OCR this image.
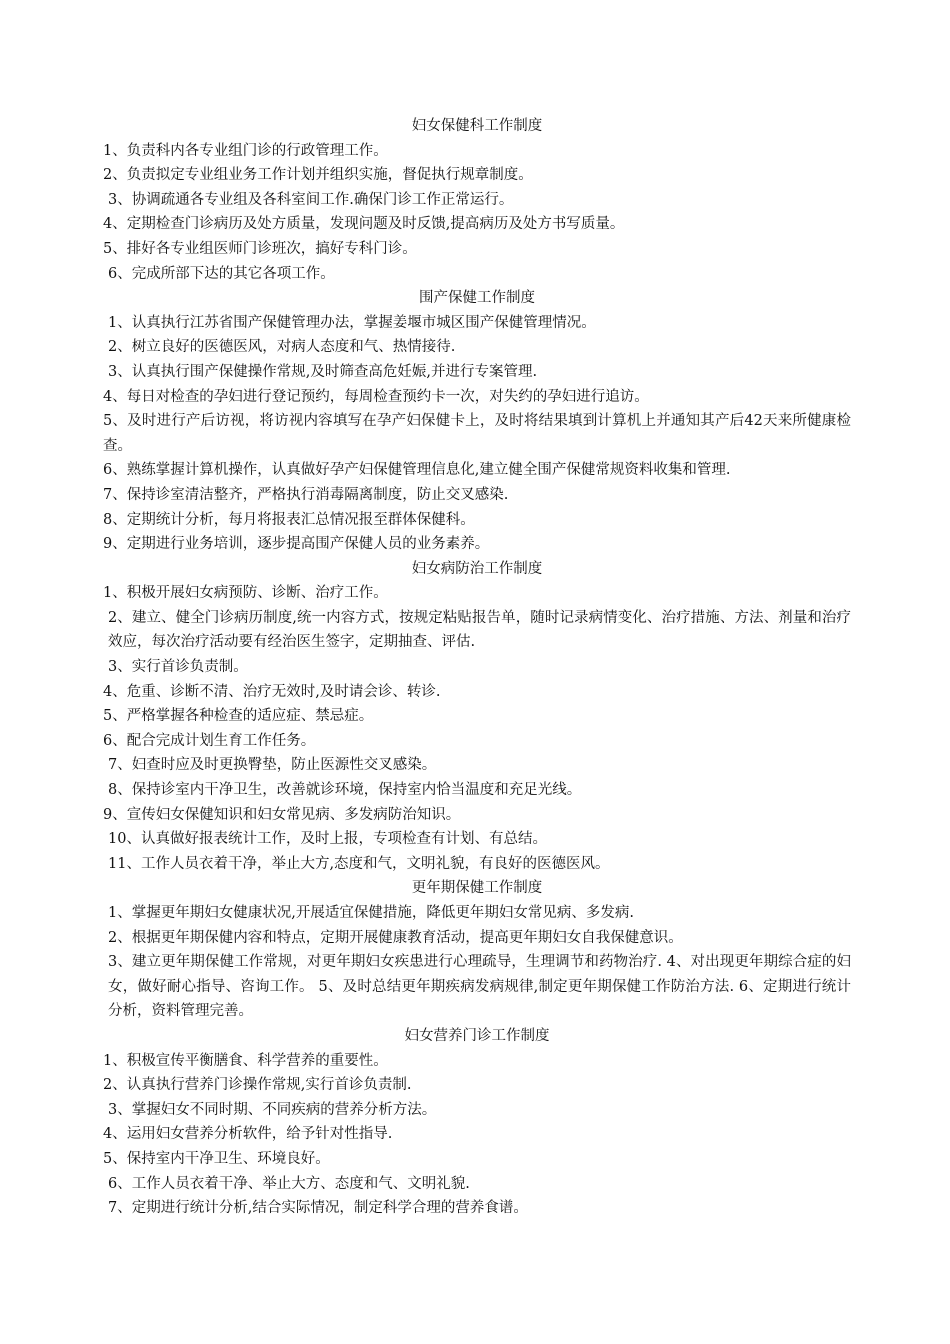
妇女保健科工作制度

1、负责科内各专业组门诊的行政管理工作。

2、负责拟定专业组业务工作计划并组织实施，督促执行规章制度。

3、协调疏通各专业组及各科室间工作.确保门诊工作正常运行。

4、定期检查门诊病历及处方质量，发现问题及时反馈,提高病历及处方书写质量。

5、排好各专业组医师门诊班次，搞好专科门诊。

6、完成所部下达的其它各项工作。

围产保健工作制度

1、认真执行江苏省围产保健管理办法，掌握姜堰市城区围产保健管理情况。

2、树立良好的医德医风，对病人态度和气、热情接待.

3、认真执行围产保健操作常规,及时筛查高危妊娠,并进行专案管理.

4、每日对检查的孕妇进行登记预约，每周检查预约卡一次，对失约的孕妇进行追访。

5、及时进行产后访视，将访视内容填写在孕产妇保健卡上，及时将结果填到计算机上并通知其产后42天来所健康检查。

6、熟练掌握计算机操作，认真做好孕产妇保健管理信息化,建立健全围产保健常规资料收集和管理.

7、保持诊室清洁整齐，严格执行消毒隔离制度，防止交叉感染.

8、定期统计分析，每月将报表汇总情况报至群体保健科。

9、定期进行业务培训，逐步提高围产保健人员的业务素养。

妇女病防治工作制度

1、积极开展妇女病预防、诊断、治疗工作。

2、建立、健全门诊病历制度,统一内容方式，按规定粘贴报告单，随时记录病情变化、治疗措施、方法、剂量和治疗效应，每次治疗活动要有经治医生签字，定期抽查、评估.

3、实行首诊负责制。

4、危重、诊断不清、治疗无效时,及时请会诊、转诊.

5、严格掌握各种检查的适应症、禁忌症。

6、配合完成计划生育工作任务。

7、妇查时应及时更换臀垫，防止医源性交叉感染。

8、保持诊室内干净卫生，改善就诊环境，保持室内恰当温度和充足光线。

9、宣传妇女保健知识和妇女常见病、多发病防治知识。

10、认真做好报表统计工作，及时上报，专项检查有计划、有总结。

11、工作人员衣着干净，举止大方,态度和气，文明礼貌，有良好的医德医风。

更年期保健工作制度

1、掌握更年期妇女健康状况,开展适宜保健措施，降低更年期妇女常见病、多发病.

2、根据更年期保健内容和特点，定期开展健康教育活动，提高更年期妇女自我保健意识。

3、建立更年期保健工作常规，对更年期妇女疾患进行心理疏导，生理调节和药物治疗. 4、对出现更年期综合症的妇女，做好耐心指导、咨询工作。 5、及时总结更年期疾病发病规律,制定更年期保健工作防治方法. 6、定期进行统计分析，资料管理完善。

妇女营养门诊工作制度

1、积极宣传平衡膳食、科学营养的重要性。

2、认真执行营养门诊操作常规,实行首诊负责制.

3、掌握妇女不同时期、不同疾病的营养分析方法。

4、运用妇女营养分析软件，给予针对性指导.

5、保持室内干净卫生、环境良好。

6、工作人员衣着干净、举止大方、态度和气、文明礼貌.

7、定期进行统计分析,结合实际情况，制定科学合理的营养食谱。
